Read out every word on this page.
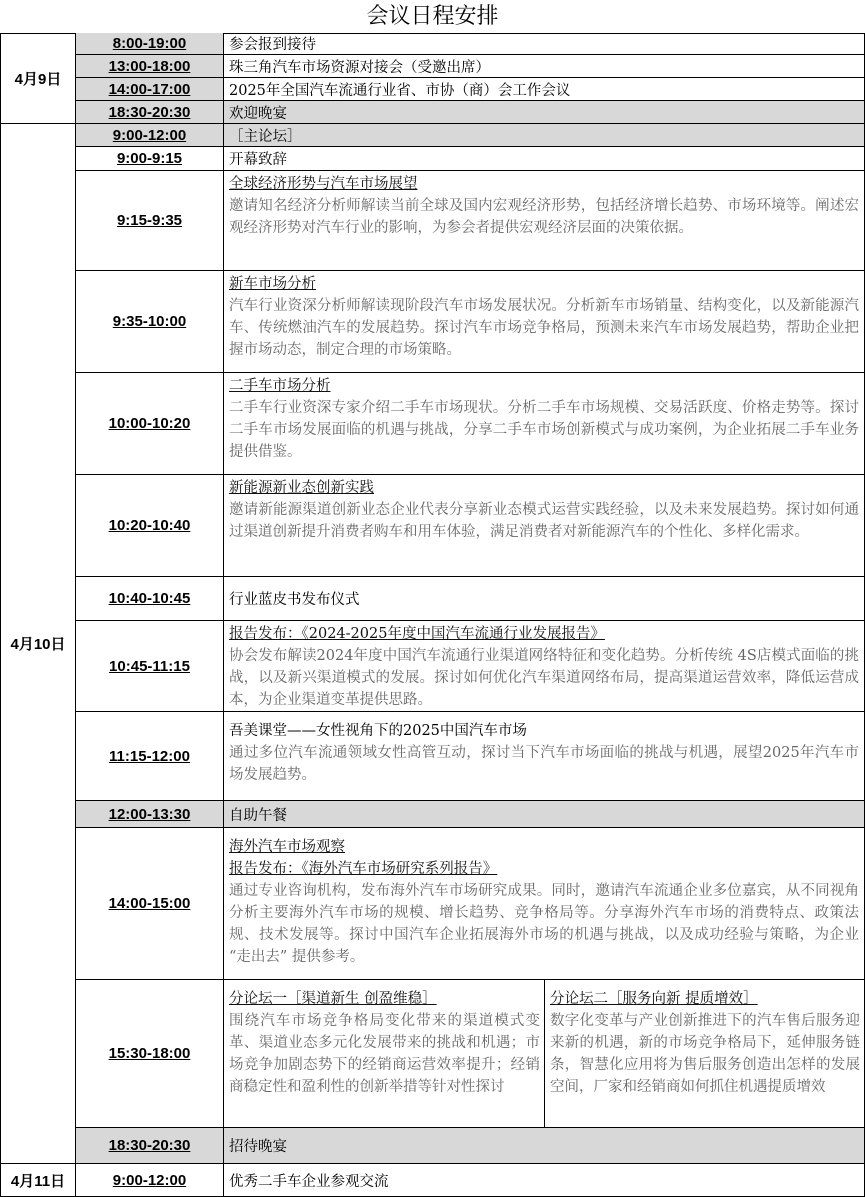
会议日程安排
4月9日
4月10日
4月11日
8:00-19:00
13:00-18:00
14:00-17:00
18:30-20:30
9:00-12:00
9:00-9:15
9:15-9:35
9:35-10:00
10:00-10:20
10:20-10:40
10:40-10:45
10:45-11:15
11:15-12:00
12:00-13:30
14:00-15:00
15:30-18:00
18:30-20:30
9:00-12:00
参会报到接待
珠三角汽车市场资源对接会（受邀出席）
2025年全国汽车流通行业省、市协（商）会工作会议
欢迎晚宴
［主论坛］
开幕致辞
全球经济形势与汽车市场展望
邀请知名经济分析师解读当前全球及国内宏观经济形势，包括经济增长趋势、市场环境等。阐述宏观经济形势对汽车行业的影响，为参会者提供宏观经济层面的决策依据。
新车市场分析
汽车行业资深分析师解读现阶段汽车市场发展状况。分析新车市场销量、结构变化，以及新能源汽车、传统燃油汽车的发展趋势。探讨汽车市场竞争格局，预测未来汽车市场发展趋势，帮助企业把握市场动态，制定合理的市场策略。
二手车市场分析
二手车行业资深专家介绍二手车市场现状。分析二手车市场规模、交易活跃度、价格走势等。探讨二手车市场发展面临的机遇与挑战，分享二手车市场创新模式与成功案例，为企业拓展二手车业务提供借鉴。
新能源新业态创新实践
邀请新能源渠道创新业态企业代表分享新业态模式运营实践经验，以及未来发展趋势。探讨如何通过渠道创新提升消费者购车和用车体验，满足消费者对新能源汽车的个性化、多样化需求。
行业蓝皮书发布仪式
报告发布：《2024-2025年度中国汽车流通行业发展报告》
协会发布解读2024年度中国汽车流通行业渠道网络特征和变化趋势。分析传统 4S店模式面临的挑战，以及新兴渠道模式的发展。探讨如何优化汽车渠道网络布局，提高渠道运营效率，降低运营成本，为企业渠道变革提供思路。
吾美课堂——女性视角下的2025中国汽车市场
通过多位汽车流通领域女性高管互动，探讨当下汽车市场面临的挑战与机遇，展望2025年汽车市场发展趋势。
自助午餐
海外汽车市场观察
报告发布：《海外汽车市场研究系列报告》
通过专业咨询机构，发布海外汽车市场研究成果。同时，邀请汽车流通企业多位嘉宾，从不同视角分析主要海外汽车市场的规模、增长趋势、竞争格局等。分享海外汽车市场的消费特点、政策法规、技术发展等。探讨中国汽车企业拓展海外市场的机遇与挑战，以及成功经验与策略，为企业 “走出去” 提供参考。
分论坛一［渠道新生 创盈维稳］
围绕汽车市场竞争格局变化带来的渠道模式变革、渠道业态多元化发展带来的挑战和机遇；市场竞争加剧态势下的经销商运营效率提升；经销商稳定性和盈利性的创新举措等针对性探讨
分论坛二［服务向新 提质增效］
数字化变革与产业创新推进下的汽车售后服务迎来新的机遇，新的市场竞争格局下，延伸服务链条，智慧化应用将为售后服务创造出怎样的发展空间，厂家和经销商如何抓住机遇提质增效
招待晚宴
优秀二手车企业参观交流
